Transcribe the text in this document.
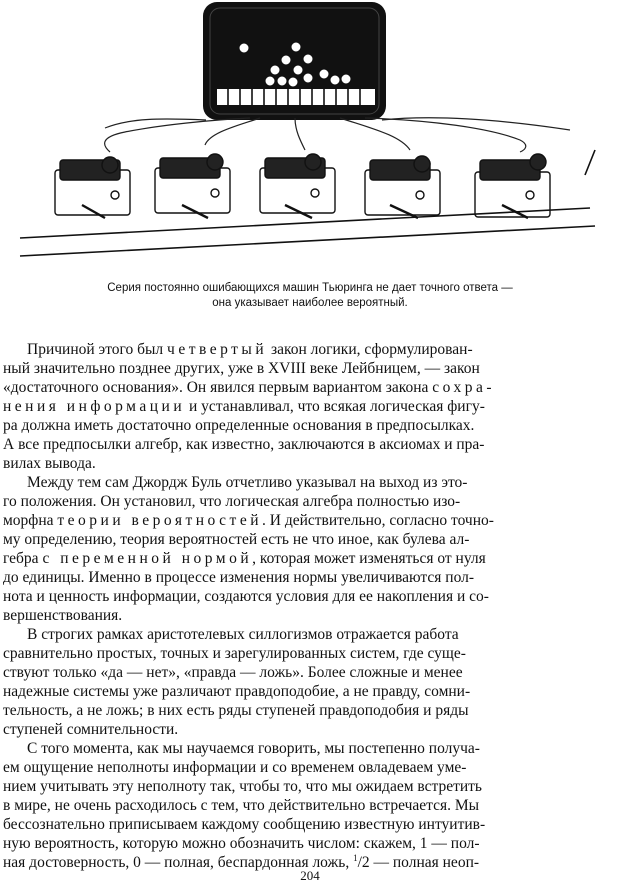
Серия постоянно ошибающихся машин Тьюринга не дает точного ответа —
она указывает наиболее вероятный.
Причиной этого был четвертый закон логики, сформулирован-
ный значительно позднее других, уже в XVIII веке Лейбницем, — закон
«достаточного основания». Он явился первым вариантом закона сохра-
нения информации и устанавливал, что всякая логическая фигу-
ра должна иметь достаточно определенные основания в предпосылках.
А все предпосылки алгебр, как известно, заключаются в аксиомах и пра-
вилах вывода.
Между тем сам Джордж Буль отчетливо указывал на выход из это-
го положения. Он установил, что логическая алгебра полностью изо-
морфна теории вероятностей. И действительно, согласно точно-
му определению, теория вероятностей есть не что иное, как булева ал-
гебра с переменной нормой, которая может изменяться от нуля
до единицы. Именно в процессе изменения нормы увеличиваются пол-
нота и ценность информации, создаются условия для ее накопления и со-
вершенствования.
В строгих рамках аристотелевых силлогизмов отражается работа
сравнительно простых, точных и зарегулированных систем, где суще-
ствуют только «да — нет», «правда — ложь». Более сложные и менее
надежные системы уже различают правдоподобие, а не правду, сомни-
тельность, а не ложь; в них есть ряды ступеней правдоподобия и ряды
ступеней сомнительности.
С того момента, как мы научаемся говорить, мы постепенно получа-
ем ощущение неполноты информации и со временем овладеваем уме-
нием учитывать эту неполноту так, чтобы то, что мы ожидаем встретить
в мире, не очень расходилось с тем, что действительно встречается. Мы
бессознательно приписываем каждому сообщению известную интуитив-
ную вероятность, которую можно обозначить числом: скажем, 1 — пол-
ная достоверность, 0 — полная, беспардонная ложь, $^1$/2 — полная неоп-
204
